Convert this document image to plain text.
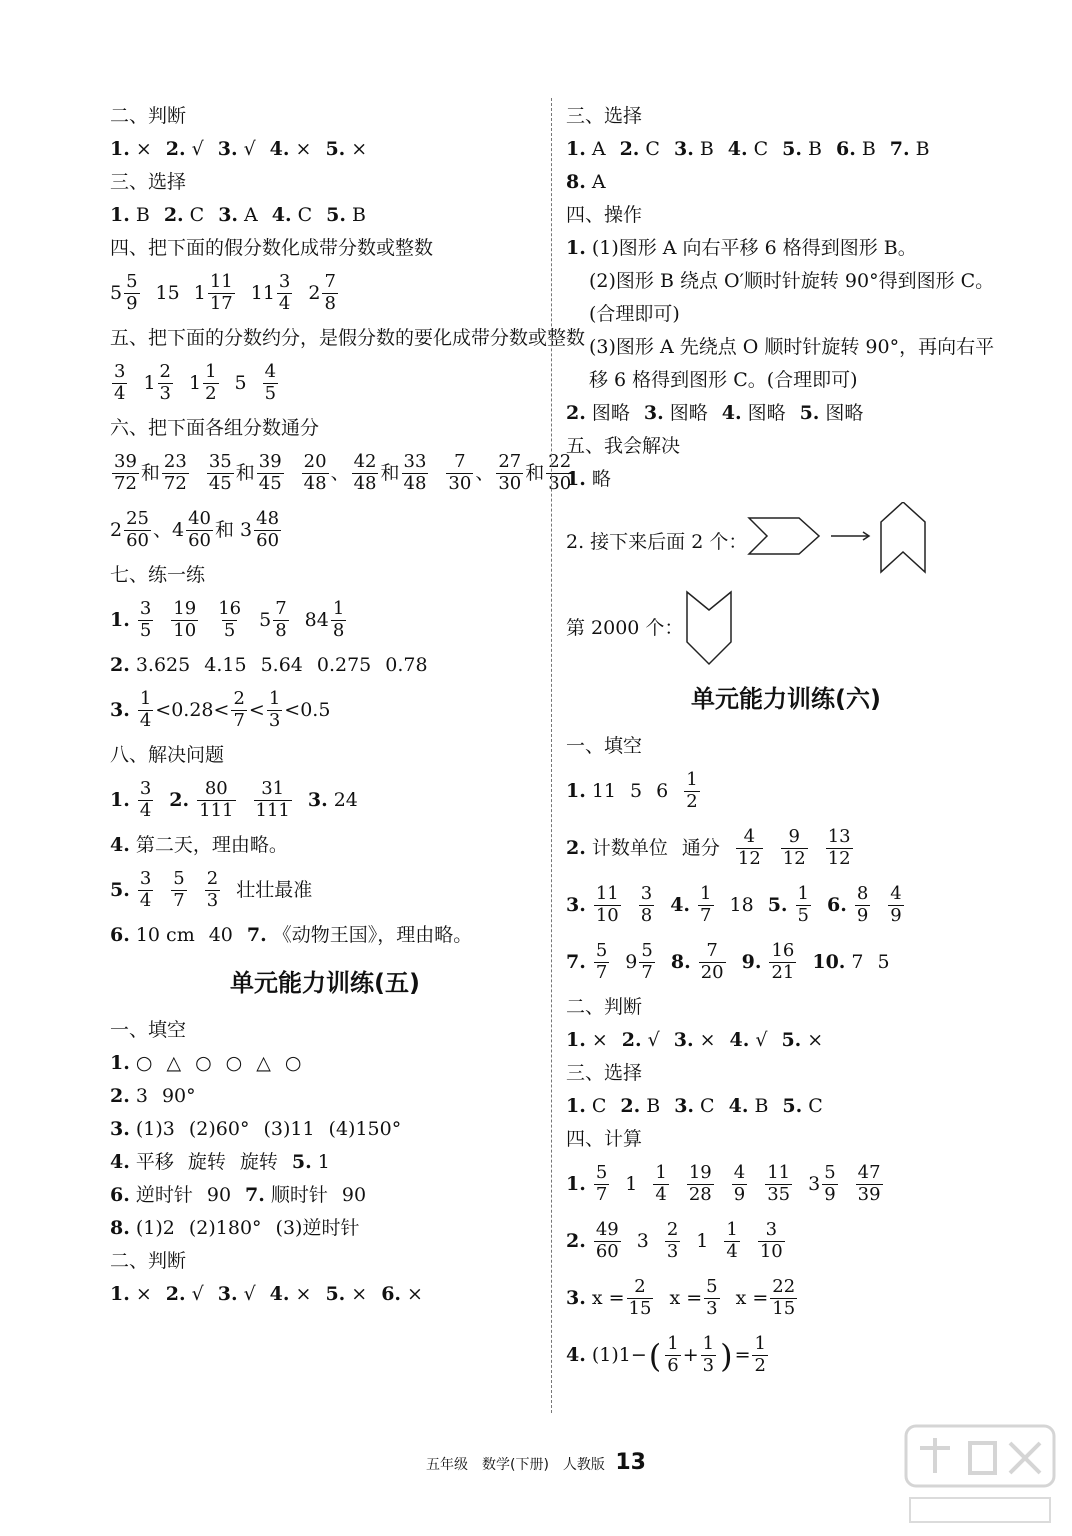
二、判断
1. × 2. √ 3. √ 4. × 5. ×
三、选择
1. B 2. C 3. A 4. C 5. B
四、把下面的假分数化成带分数或整数
$5 \frac{5}{9} 15$ $1 \frac{11}{17} 11 \frac{3}{4} 2 \frac{7}{8}$
五、把下面的分数约分，是假分数的要化成带分数或整数
$\frac{3}{4} 1 \frac{2}{3} 1 \frac{1}{2} 5 \frac{4}{5}$
六、把下面各组分数通分
$\frac{39}{72}$ 和 $\frac{23}{72} \frac{35}{45}$ 和 $\frac{39}{45} \frac{20}{48}$ 、 $\frac{42}{48}$ 和 $\frac{33}{48} \frac{7}{30}$ 、 $\frac{27}{30}$ 和 $\frac{22}{30}$
$2 \frac{25}{60}$ 、$4 \frac{40}{60}$ 和 $3 \frac{48}{60}$
七、练一练
1. $\frac{3}{5} \frac{19}{10} \frac{16}{5} 5 \frac{7}{8} 84 \frac{1}{8}$
2. 3.625 4.15 5.64 0.275 0.78
3. $\frac{1}{4} <0.28< \frac{2}{7} < \frac{1}{3} <0.5$
八、解决问题
1. $\frac{3}{4} 2$. $\frac{80}{111} \frac{31}{111} 3$. 24
4. 第二天，理由略。
5. $\frac{3}{4} \frac{5}{7} \frac{2}{3}$ 壮壮最准
6. 10 cm 40 7. 《动物王国》，理由略。
单元能力训练(五)
一、填空
1. ○ △ ○ ○ △ ○
2. 3 90°
3. (1)3 (2)60° (3)11 (4)150°
4. 平移 旋转 旋转 5. 1
6. 逆时针 90 7. 顺时针 90
8. (1)2 (2)180° (3)逆时针
二、判断
1. × 2. √ 3. √ 4. × 5. × 6. ×
三、选择
1. A 2. C 3. B 4. C 5. B 6. B 7. B
8. A
四、操作
1. (1)图形 A 向右平移 6 格得到图形 B。
(2)图形 B 绕点 O′顺时针旋转 90°得到图形 C。(合理即可)
(3)图形 A 先绕点 O 顺时针旋转 90°，再向右平移 6 格得到图形 C。(合理即可)
2. 图略 3. 图略 4. 图略 5. 图略
五、我会解决
1. 略
2. 接下来后面 2 个：
第 2000 个：
单元能力训练(六)
一、填空
1. 11 5 $6 \frac{1}{2}$
2. 计数单位 通分 $\frac{4}{12} \frac{9}{12} \frac{13}{12}$
3. $\frac{11}{10} \frac{3}{8} 4$. $\frac{1}{7} 18$ 5. $\frac{1}{5} 6$. $\frac{8}{9} \frac{4}{9}$
7. $\frac{5}{7} 9 \frac{5}{7} 8$. $\frac{7}{20} 9$. $\frac{16}{21} 10$. 7 5
二、判断
1. × 2. √ 3. × 4. √ 5. ×
三、选择
1. C 2. B 3. C 4. B 5. C
四、计算
1. $\frac{5}{7} 1 \frac{1}{4} \frac{19}{28} \frac{4}{9} \frac{11}{35} 3 \frac{5}{9} \frac{47}{39}$
2. $\frac{49}{60} 3 \frac{2}{3} 1 \frac{1}{4} \frac{3}{10}$
3. $x = \frac{2}{15}$ $x = \frac{5}{3}$ $x = \frac{22}{15}$
4. (1)1− ( $\frac{1}{6} + \frac{1}{3}$ ) = $\frac{1}{2}$
五年级　数学(下册)　人教版 13
